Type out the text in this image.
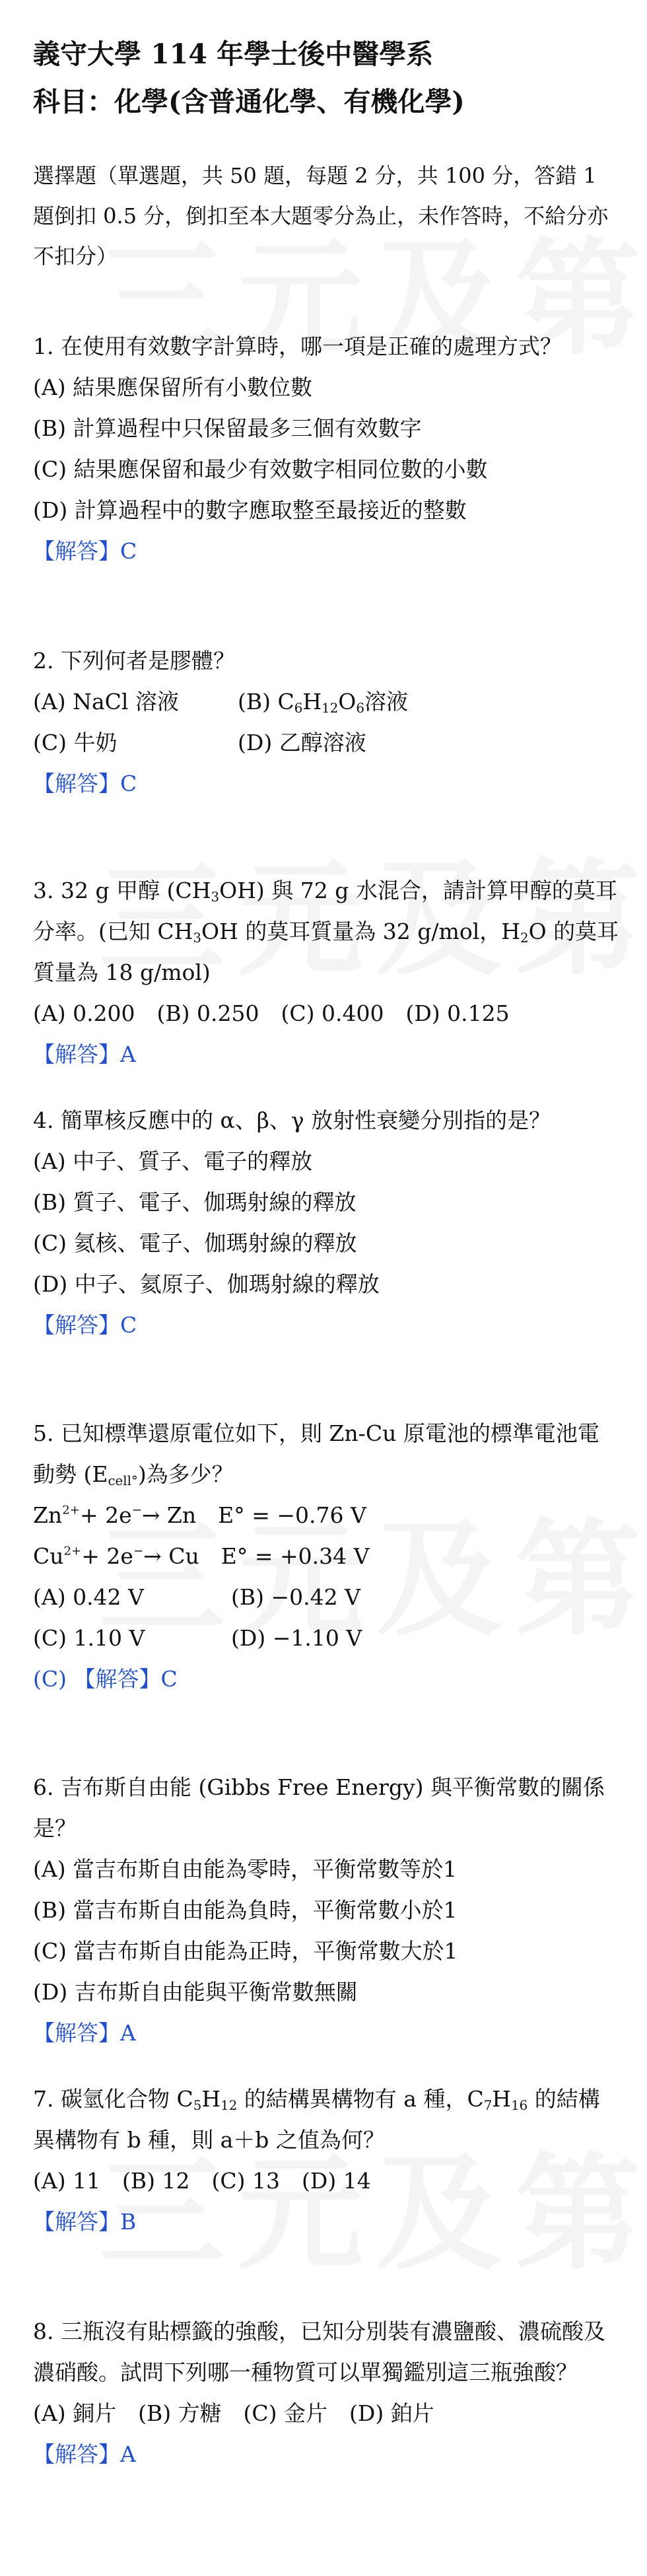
義守大學 114 年學士後中醫學系
科目：化學(含普通化學、有機化學)
選擇題（單選題，共 50 題，每題 2 分，共 100 分，答錯 1 題倒扣 0.5 分，倒扣至本大題零分為止，未作答時，不給分亦不扣分）
1. 在使用有效數字計算時，哪一項是正確的處理方式？
(A) 結果應保留所有小數位數
(B) 計算過程中只保留最多三個有效數字
(C) 結果應保留和最少有效數字相同位數的小數
(D) 計算過程中的數字應取整至最接近的整數
【解答】C
2. 下列何者是膠體？
(A) NaCl 溶液	(B) $C_6H_{12}O_6$溶液
(C) 牛奶	(D) 乙醇溶液
【解答】C
3. 32 g 甲醇 $(CH_3OH)$ 與 72 g 水混合，請計算甲醇的莫耳分率。(已知 $CH_3OH$ 的莫耳質量為 32 g/mol，$H_2O$ 的莫耳質量為 18 g/mol)
(A) 0.200　(B) 0.250　(C) 0.400　(D) 0.125
【解答】A
4. 簡單核反應中的 α、β、γ 放射性衰變分別指的是？
(A) 中子、質子、電子的釋放
(B) 質子、電子、伽瑪射線的釋放
(C) 氦核、電子、伽瑪射線的釋放
(D) 中子、氦原子、伽瑪射線的釋放
【解答】C
5. 已知標準還原電位如下，則 Zn-Cu 原電池的標準電池電動勢 $(E_{cell^\circ})$為多少？
$Zn^{2+}+ 2e^-\to Zn$　E° = −0.76 V
$Cu^{2+}+ 2e^-\to Cu$　E° = +0.34 V
(A) 0.42 V	(B) −0.42 V
(C) 1.10 V	(D) −1.10 V
(C) 【解答】C
6. 吉布斯自由能 (Gibbs Free Energy) 與平衡常數的關係是？
(A) 當吉布斯自由能為零時，平衡常數等於1
(B) 當吉布斯自由能為負時，平衡常數小於1
(C) 當吉布斯自由能為正時，平衡常數大於1
(D) 吉布斯自由能與平衡常數無關
【解答】A
7. 碳氫化合物 $C_5H_{12}$ 的結構異構物有 a 種，$C_7H_{16}$ 的結構異構物有 b 種，則 a＋b 之值為何？
(A) 11　(B) 12　(C) 13　(D) 14
【解答】B
8. 三瓶沒有貼標籤的強酸，已知分別裝有濃鹽酸、濃硫酸及濃硝酸。試問下列哪一種物質可以單獨鑑別這三瓶強酸？
(A) 銅片　(B) 方糖　(C) 金片　(D) 鉑片
【解答】A
